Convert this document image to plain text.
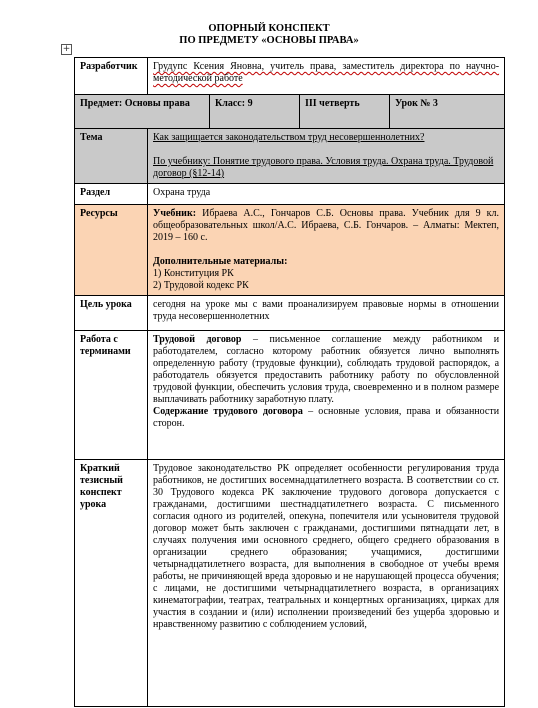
ОПОРНЫЙ КОНСПЕКТ
ПО ПРЕДМЕТУ «ОСНОВЫ ПРАВА»
+
Разработчик	Грудупс Ксения Яновна, учитель права, заместитель директора по научно-методической работе			
Предмет: Основы права		Класс: 9	III четверть	Урок № 3
Тема	Как защищается законодательством труд несовершеннолетних?

По учебнику: Понятие трудового права. Условия труда. Охрана труда. Трудовой договор (§12-14)			

Раздел	Охрана труда			
Ресурсы	Учебник: Ибраева А.С., Гончаров С.Б. Основы права. Учебник для 9 кл. общеобразовательных школ/А.С. Ибраева, С.Б. Гончаров. – Алматы: Мектеп, 2019 – 160 с.

Дополнительные материалы:

1) Конституция РК

2) Трудовой кодекс РК			

Цель урока	сегодня на уроке мы с вами проанализируем правовые нормы в отношении труда несовершеннолетних			
Работа с терминами	Трудовой договор – письменное соглашение между работником и работодателем, согласно которому работник обязуется лично выполнять определенную работу (трудовые функции), соблюдать трудовой распорядок, а работодатель обязуется предоставить работнику работу по обусловленной трудовой функции, обеспечить условия труда, своевременно и в полном размере выплачивать работнику заработную плату.

Содержание трудового договора – основные условия, права и обязанности сторон.			

Краткий тезисный конспект урока	Трудовое законодательство РК определяет особенности регулирования труда работников, не достигших восемнадцатилетнего возраста. В соответствии со ст. 30 Трудового кодекса РК заключение трудового договора допускается с гражданами, достигшими шестнадцатилетнего возраста. С письменного согласия одного из родителей, опекуна, попечителя или усыновителя трудовой договор может быть заключен с гражданами, достигшими пятнадцати лет, в случаях получения ими основного среднего, общего среднего образования в организации среднего образования; учащимися, достигшими четырнадцатилетнего возраста, для выполнения в свободное от учебы время работы, не причиняющей вреда здоровью и не нарушающей процесса обучения; с лицами, не достигшими четырнадцатилетнего возраста, в организациях кинематографии, театрах, театральных и концертных организациях, цирках для участия в создании и (или) исполнении произведений без ущерба здоровью и нравственному развитию с соблюдением условий,			
